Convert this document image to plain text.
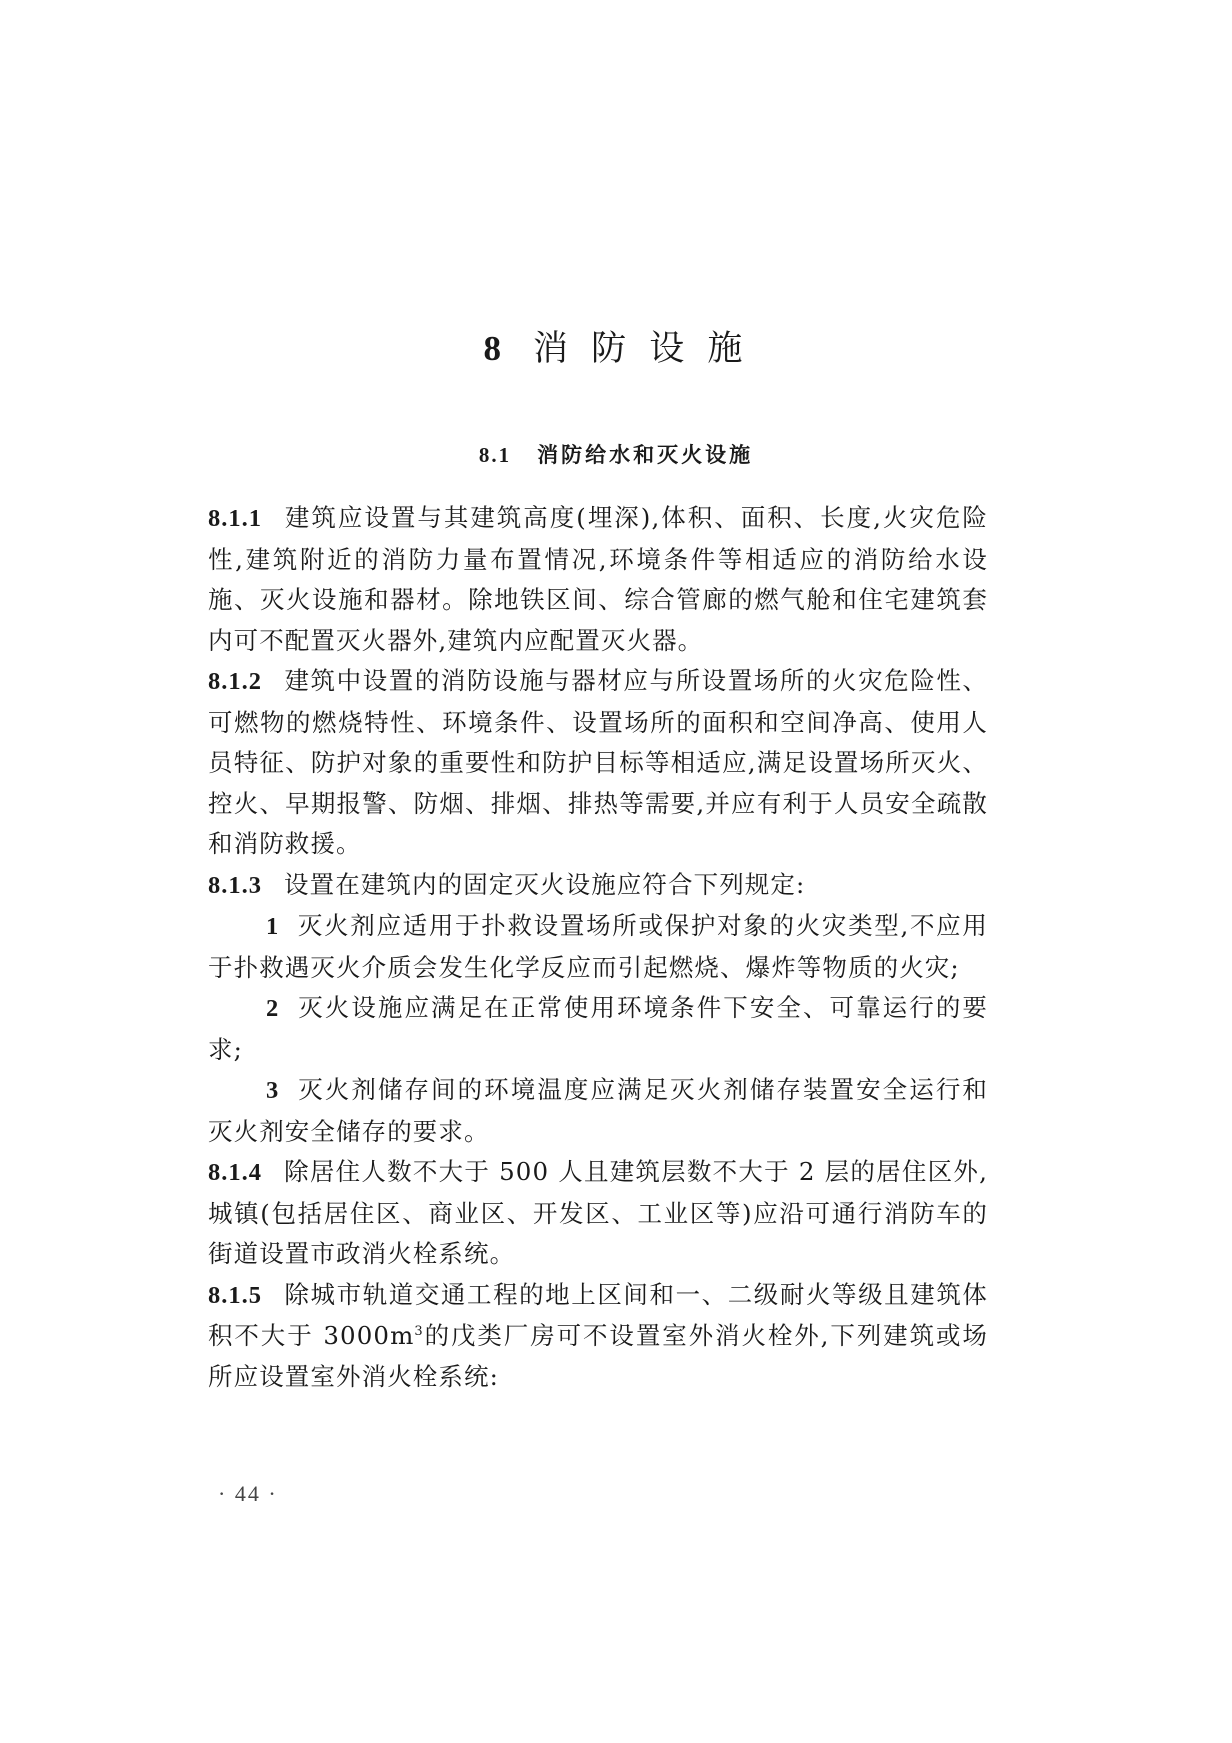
8 消 防 设 施
8.1 消防给水和灭火设施

8.1.1 建筑应设置与其建筑高度(埋深),体积、面积、长度,火灾危险性,建筑附近的消防力量布置情况,环境条件等相适应的消防给水设施、灭火设施和器材。除地铁区间、综合管廊的燃气舱和住宅建筑套内可不配置灭火器外,建筑内应配置灭火器。

8.1.2 建筑中设置的消防设施与器材应与所设置场所的火灾危险性、可燃物的燃烧特性、环境条件、设置场所的面积和空间净高、使用人员特征、防护对象的重要性和防护目标等相适应,满足设置场所灭火、控火、早期报警、防烟、排烟、排热等需要,并应有利于人员安全疏散和消防救援。

8.1.3 设置在建筑内的固定灭火设施应符合下列规定:

1 灭火剂应适用于扑救设置场所或保护对象的火灾类型,不应用于扑救遇灭火介质会发生化学反应而引起燃烧、爆炸等物质的火灾;

2 灭火设施应满足在正常使用环境条件下安全、可靠运行的要求;

3 灭火剂储存间的环境温度应满足灭火剂储存装置安全运行和灭火剂安全储存的要求。

8.1.4 除居住人数不大于 500 人且建筑层数不大于 2 层的居住区外,城镇(包括居住区、商业区、开发区、工业区等)应沿可通行消防车的街道设置市政消火栓系统。

8.1.5 除城市轨道交通工程的地上区间和一、二级耐火等级且建筑体积不大于 $3000m^3$的戊类厂房可不设置室外消火栓外,下列建筑或场所应设置室外消火栓系统:

· 44 ·
